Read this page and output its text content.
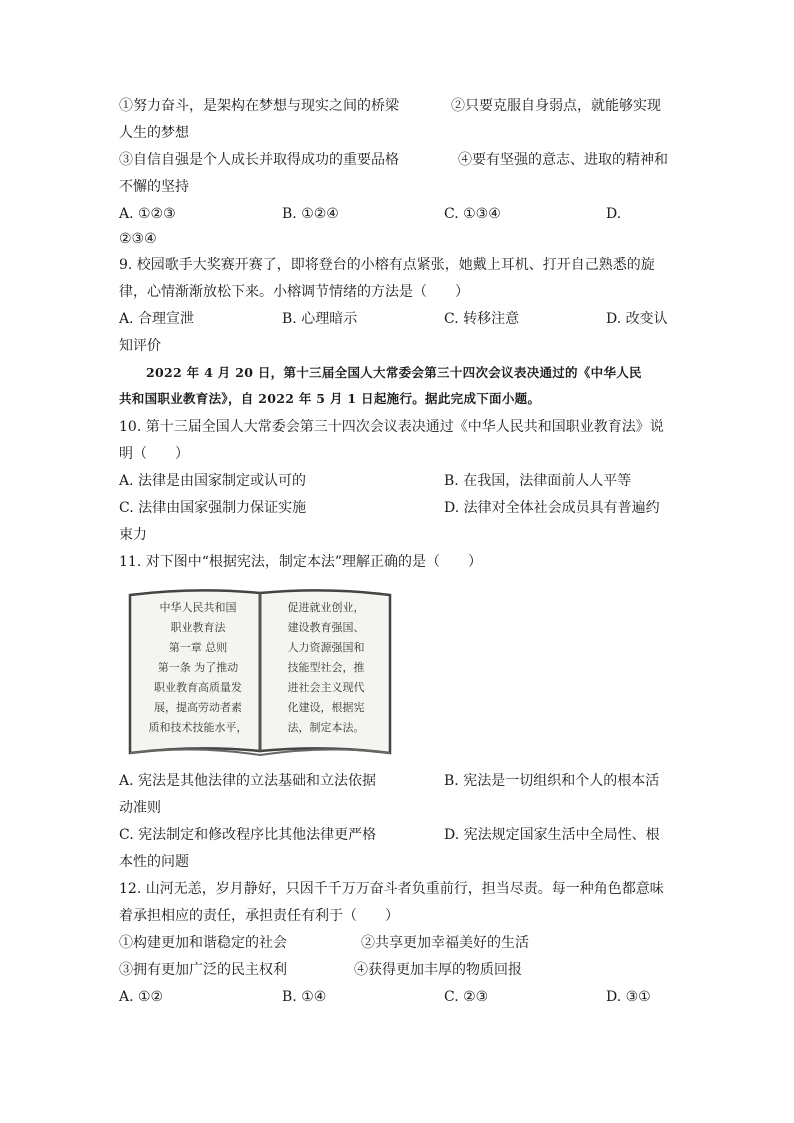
①努力奋斗，是架构在梦想与现实之间的桥梁	②只要克服自身弱点，就能够实现
人生的梦想
③自信自强是个人成长并取得成功的重要品格	④要有坚强的意志、进取的精神和
不懈的坚持
A. ①②③	B. ①②④	C. ①③④	D.
②③④
9. 校园歌手大奖赛开赛了，即将登台的小榕有点紧张，她戴上耳机、打开自己熟悉的旋
律，心情渐渐放松下来。小榕调节情绪的方法是（　　）
A. 合理宣泄	B. 心理暗示	C. 转移注意	D. 改变认
知评价
2022 年 4 月 20 日，第十三届全国人大常委会第三十四次会议表决通过的《中华人民
共和国职业教育法》，自 2022 年 5 月 1 日起施行。据此完成下面小题。
10. 第十三届全国人大常委会第三十四次会议表决通过《中华人民共和国职业教育法》说
明（　　）
A. 法律是由国家制定或认可的	B. 在我国，法律面前人人平等
C. 法律由国家强制力保证实施	D. 法律对全体社会成员具有普遍约
束力
11. 对下图中“根据宪法，制定本法”理解正确的是（　　）
中华人民共和国
职业教育法
第一章 总则
第一条 为了推动
职业教育高质量发
展，提高劳动者素
质和技术技能水平，
促进就业创业，
建设教育强国、
人力资源强国和
技能型社会，推
进社会主义现代
化建设，根据宪
法，制定本法。
A. 宪法是其他法律的立法基础和立法依据	B. 宪法是一切组织和个人的根本活
动准则
C. 宪法制定和修改程序比其他法律更严格	D. 宪法规定国家生活中全局性、根
本性的问题
12. 山河无恙，岁月静好，只因千千万万奋斗者负重前行，担当尽责。每一种角色都意味
着承担相应的责任，承担责任有利于（　　）
①构建更加和谐稳定的社会	②共享更加幸福美好的生活
③拥有更加广泛的民主权利	④获得更加丰厚的物质回报
A. ①②	B. ①④	C. ②③	D. ③①
